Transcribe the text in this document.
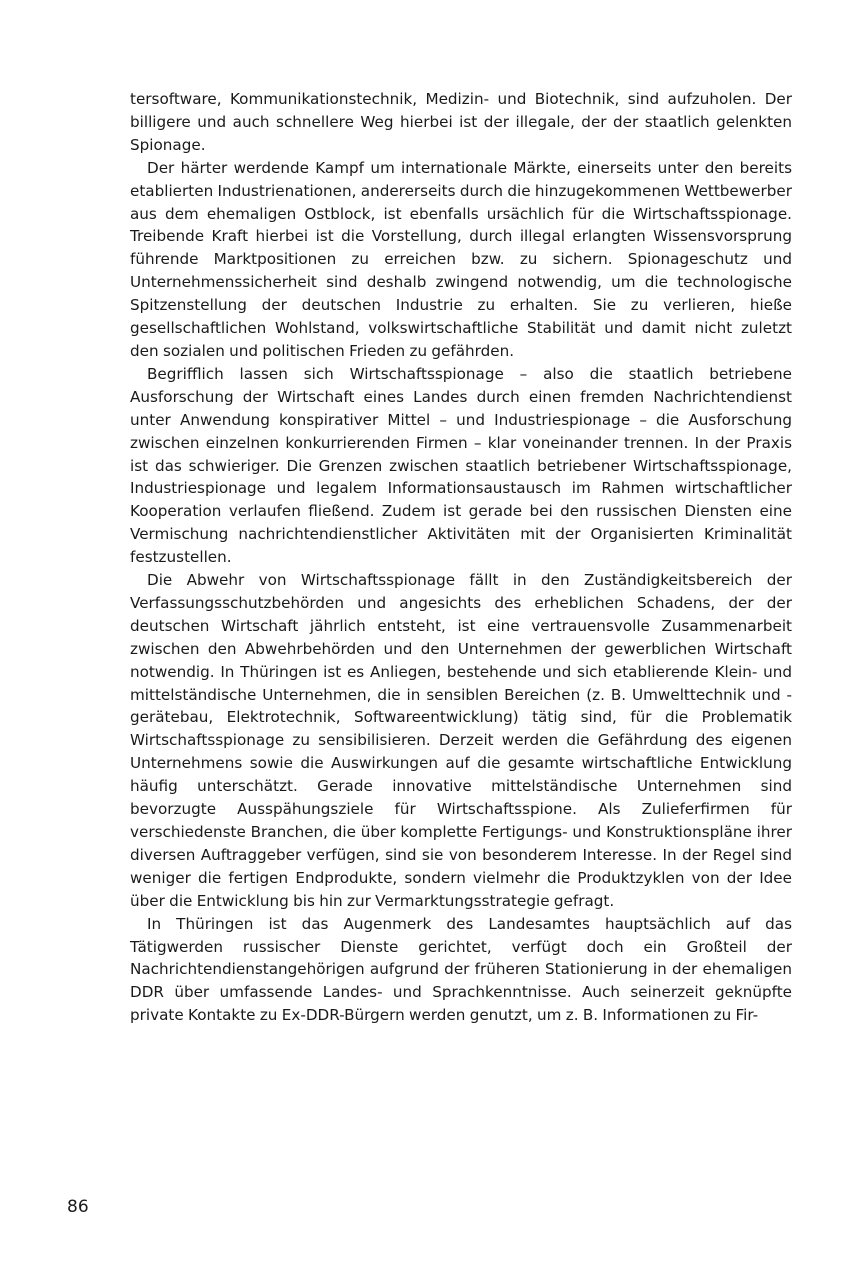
tersoftware, Kommunikationstechnik, Medizin- und Biotechnik, sind aufzuholen. Der billigere und auch schnellere Weg hierbei ist der illegale, der der staatlich gelenkten Spionage.

Der härter werdende Kampf um internationale Märkte, einerseits unter den bereits etablierten Industrienationen, andererseits durch die hinzugekommenen Wettbewerber aus dem ehemaligen Ostblock, ist ebenfalls ursächlich für die Wirtschaftsspionage. Treibende Kraft hierbei ist die Vorstellung, durch illegal erlangten Wissensvorsprung führende Marktpositionen zu erreichen bzw. zu sichern. Spionageschutz und Unternehmenssicherheit sind deshalb zwingend notwendig, um die technologische Spitzenstellung der deutschen Industrie zu erhalten. Sie zu verlieren, hieße gesellschaftlichen Wohlstand, volkswirtschaftliche Stabilität und damit nicht zuletzt den sozialen und politischen Frieden zu gefährden.

Begrifflich lassen sich Wirtschaftsspionage – also die staatlich betriebene Ausforschung der Wirtschaft eines Landes durch einen fremden Nachrichtendienst unter Anwendung konspirativer Mittel – und Industriespionage – die Ausforschung zwischen einzelnen konkurrierenden Firmen – klar voneinander trennen. In der Praxis ist das schwieriger. Die Grenzen zwischen staatlich betriebener Wirtschaftsspionage, Industriespionage und legalem Informationsaustausch im Rahmen wirtschaftlicher Kooperation verlaufen fließend. Zudem ist gerade bei den russischen Diensten eine Vermischung nachrichtendienstlicher Aktivitäten mit der Organisierten Kriminalität festzustellen.

Die Abwehr von Wirtschaftsspionage fällt in den Zuständigkeitsbereich der Verfassungsschutzbehörden und angesichts des erheblichen Schadens, der der deutschen Wirtschaft jährlich entsteht, ist eine vertrauensvolle Zusammenarbeit zwischen den Abwehrbehörden und den Unternehmen der gewerblichen Wirtschaft notwendig. In Thüringen ist es Anliegen, bestehende und sich etablierende Klein- und mittelständische Unternehmen, die in sensiblen Bereichen (z. B. Umwelttechnik und -gerätebau, Elektrotechnik, Softwareentwicklung) tätig sind, für die Problematik Wirtschaftsspionage zu sensibilisieren. Derzeit werden die Gefährdung des eigenen Unternehmens sowie die Auswirkungen auf die gesamte wirtschaftliche Entwicklung häufig unterschätzt. Gerade innovative mittelständische Unternehmen sind bevorzugte Ausspähungsziele für Wirtschaftsspione. Als Zulieferfirmen für verschiedenste Branchen, die über komplette Fertigungs- und Konstruktionspläne ihrer diversen Auftraggeber verfügen, sind sie von besonderem Interesse. In der Regel sind weniger die fertigen Endprodukte, sondern vielmehr die Produktzyklen von der Idee über die Entwicklung bis hin zur Vermarktungsstrategie gefragt.

In Thüringen ist das Augenmerk des Landesamtes hauptsächlich auf das Tätigwerden russischer Dienste gerichtet, verfügt doch ein Großteil der Nachrichtendienstangehörigen aufgrund der früheren Stationierung in der ehemaligen DDR über umfassende Landes- und Sprachkenntnisse. Auch seinerzeit geknüpfte private Kontakte zu Ex-DDR-Bürgern werden genutzt, um z. B. Informationen zu Fir-

86
